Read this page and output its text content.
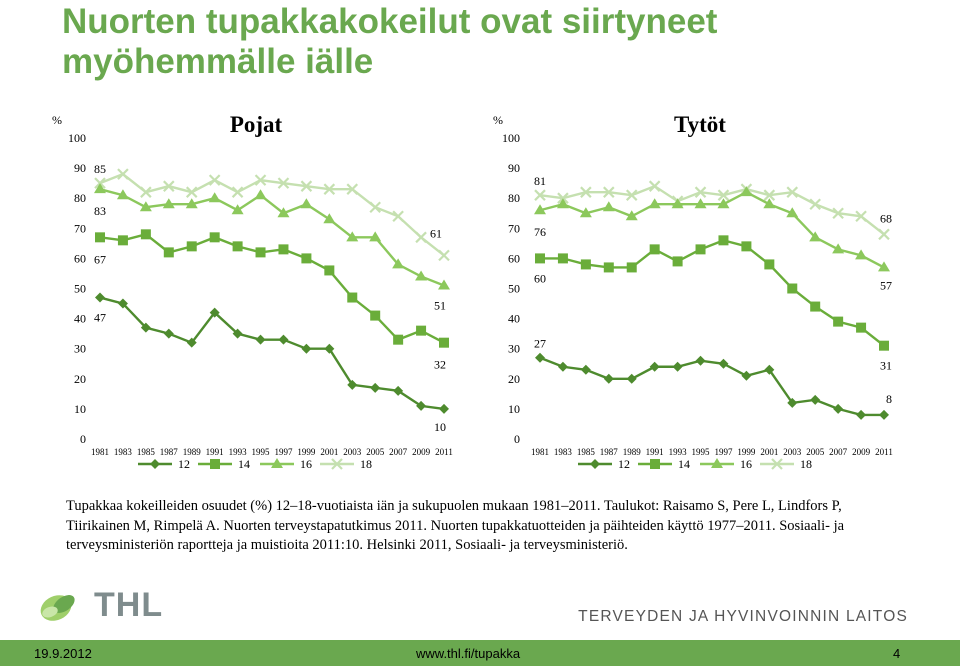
Nuorten tupakkakokeilut ovat siirtyneet myöhemmälle iälle
%	Pojat
0
10
20
30
40
50
60
70
80
90
100
1981 1983 1985 1987 1989 1991 1993 1995 1997 1999 2001 2003 2005 2007 2009 2011
47
10
67
32
83
51
85
61
12	14	16	18
%	Tytöt
0
10
20
30
40
50
60
70
80
90
100
1981 1983 1985 1987 1989 1991 1993 1995 1997 1999 2001 2003 2005 2007 2009 2011
27
8
60
31
76
57
81
68
12	14	16	18
Tupakkaa kokeilleiden osuudet (%) 12–18-vuotiaista iän ja sukupuolen mukaan 1981–2011. Taulukot: Raisamo S, Pere L, Lindfors P, Tiirikainen M, Rimpelä A. Nuorten terveystapatutkimus 2011. Nuorten tupakkatuotteiden ja päihteiden käyttö 1977–2011. Sosiaali- ja terveysministeriön raportteja ja muistioita 2011:10. Helsinki 2011, Sosiaali- ja terveysministeriö.
THL	TERVEYDEN JA HYVINVOINNIN LAITOS
19.9.2012	www.thl.fi/tupakka	4
